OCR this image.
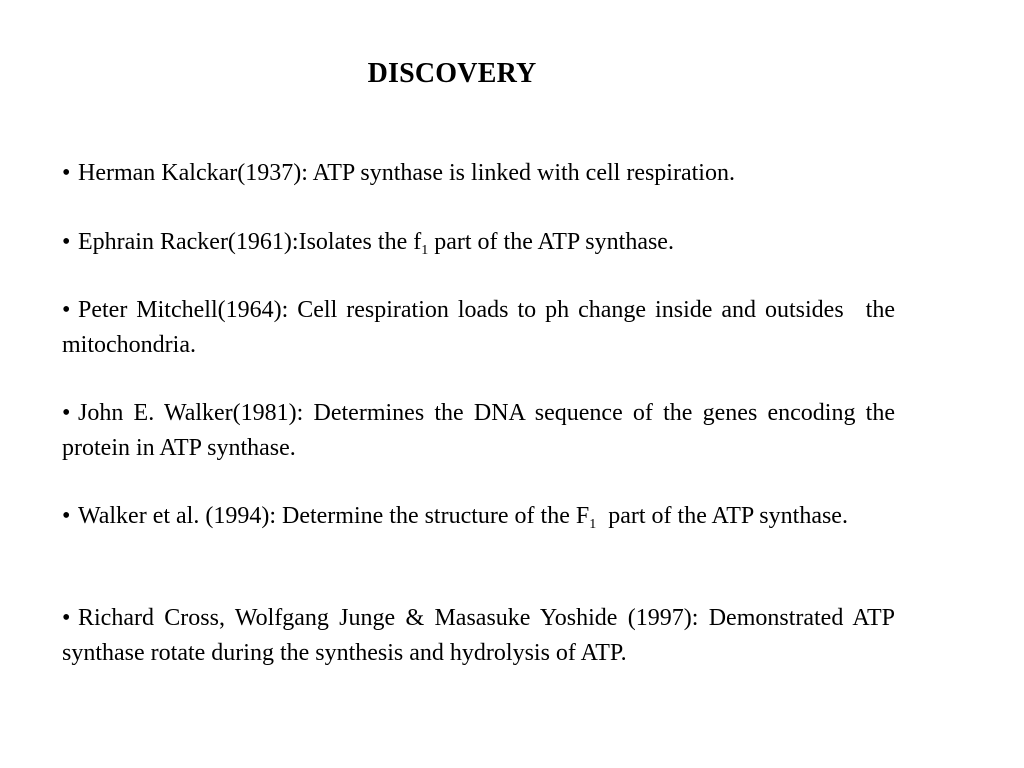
DISCOVERY
• Herman Kalckar(1937): ATP synthase is linked with cell respiration.
• Ephrain Racker(1961):Isolates the $f_1$ part of the ATP synthase.
• Peter Mitchell(1964): Cell respiration loads to ph change inside and outsides the mitochondria.
• John E. Walker(1981): Determines the DNA sequence of the genes encoding the protein in ATP synthase.
• Walker et al. (1994): Determine the structure of the $F_1$  part of the ATP synthase.
• Richard Cross, Wolfgang Junge & Masasuke Yoshide (1997): Demonstrated ATP synthase rotate during the synthesis and hydrolysis of ATP.
